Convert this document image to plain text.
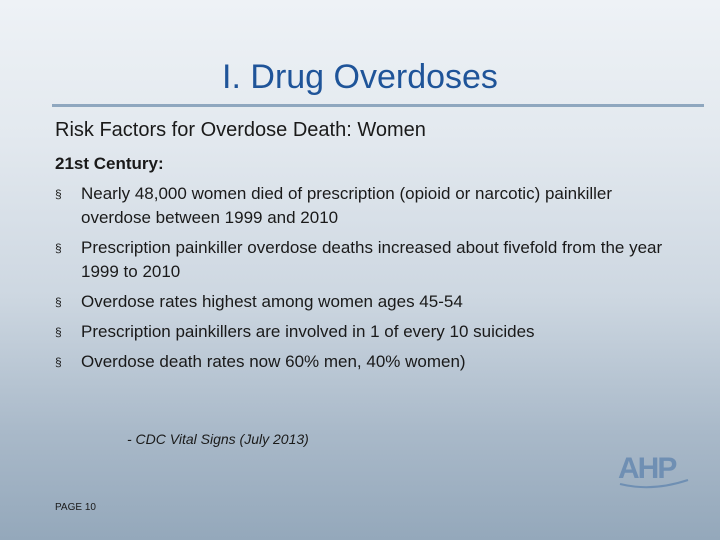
I. Drug Overdoses
Risk Factors for Overdose Death: Women
21st Century:
§	Nearly 48,000 women died of prescription (opioid or narcotic) painkiller overdose between 1999 and 2010
§	Prescription painkiller overdose deaths increased about fivefold from the year 1999 to 2010
§	Overdose rates highest among women ages 45-54
§	Prescription painkillers are involved in 1 of every 10 suicides
§	Overdose death rates now 60% men, 40% women)
- CDC Vital Signs (July 2013)
AHP
PAGE 10
